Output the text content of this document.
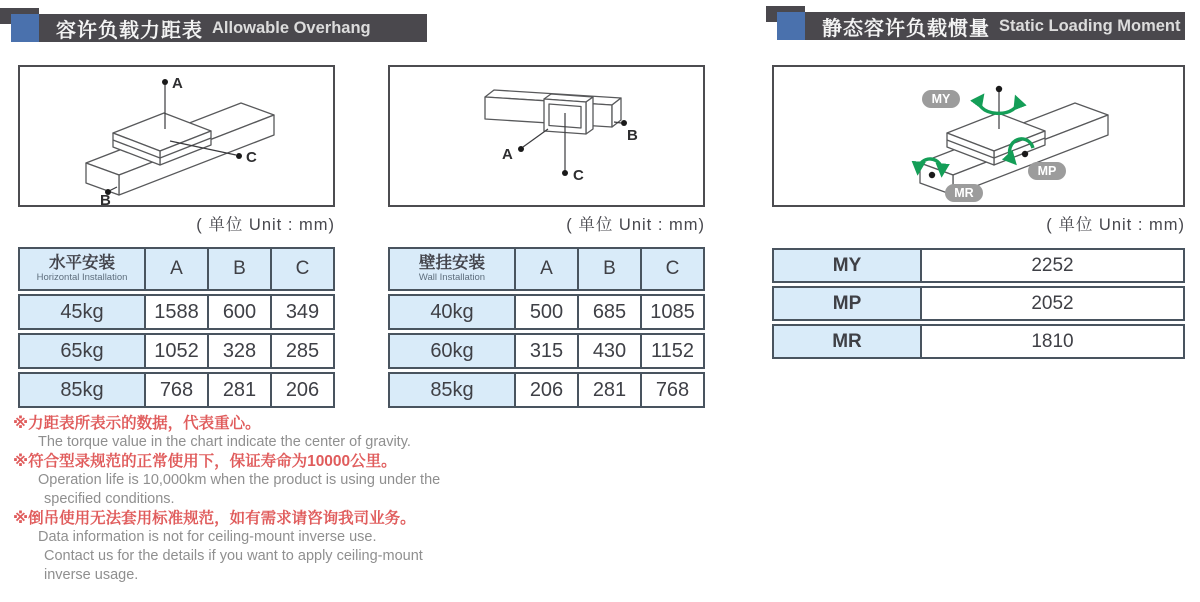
容许负载力距表 Allowable Overhang	静态容许负载惯量 Static Loading Moment
A
B
C
( 单位 Unit : mm)
A
B
C
( 单位 Unit : mm)
MY
MP
MR
( 单位 Unit : mm)
水平安装
Horizontal Installation	A	B	C
45kg	1588	600	349
65kg	1052	328	285
85kg	768	281	206
壁挂安装
Wall Installation	A	B	C
40kg	500	685	1085
60kg	315	430	1152
85kg	206	281	768
MY	2252
MP	2052
MR	1810
※力距表所表示的数据，代表重心。
The torque value in the chart indicate the center of gravity.
※符合型录规范的正常使用下，保证寿命为10000公里。
Operation life is 10,000km when the product is using under the
specified conditions.
※倒吊使用无法套用标准规范，如有需求请咨询我司业务。
Data information is not for ceiling-mount inverse use.
Contact us for the details if you want to apply ceiling-mount
inverse usage.
